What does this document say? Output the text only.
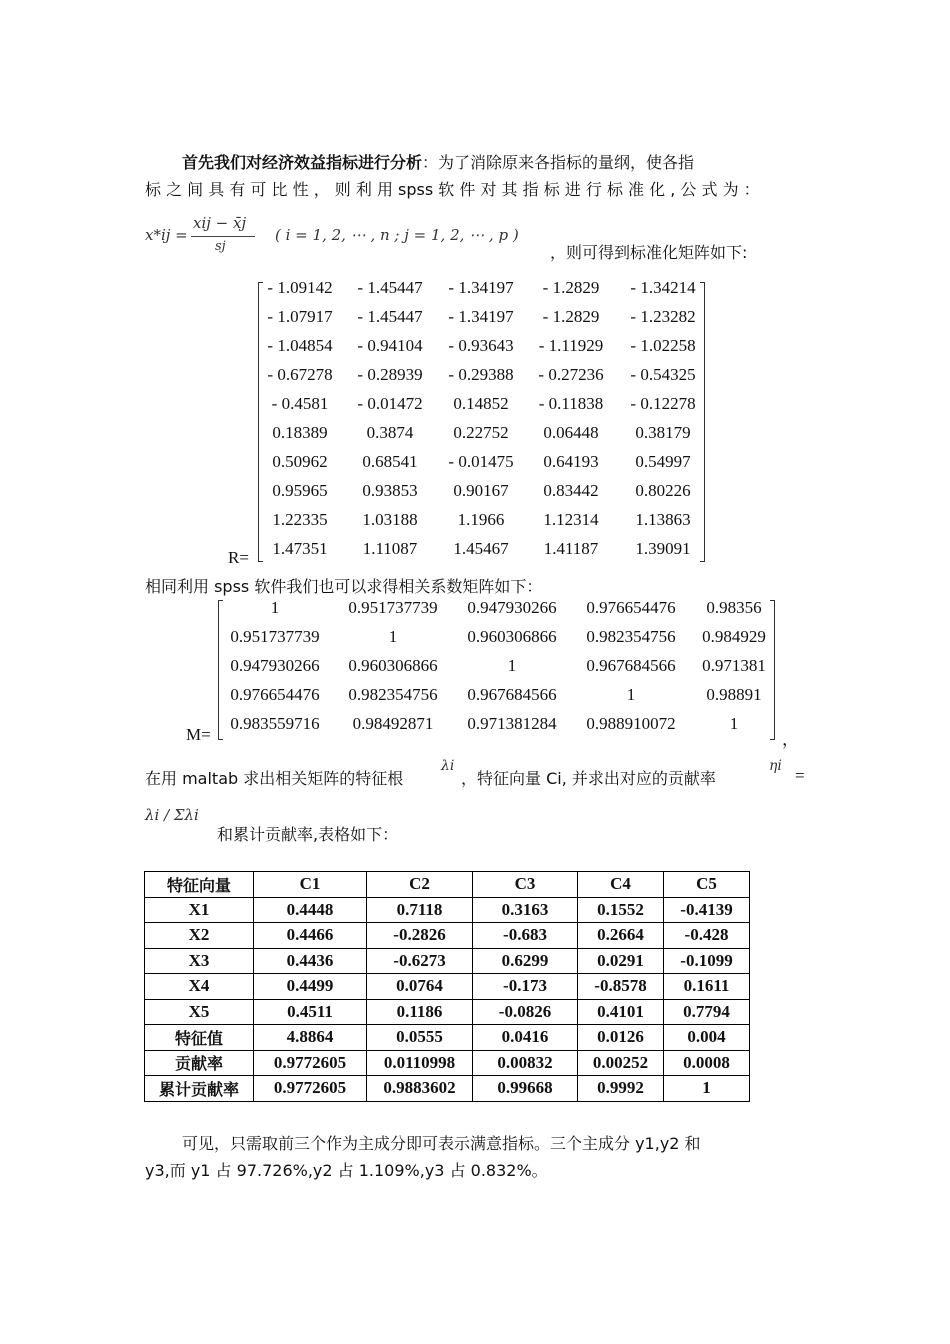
首先我们对经济效益指标进行分析：为了消除原来各指标的量纲，使各指
标 之 间 具 有 可 比 性 ， 则 利 用 spss 软 件 对 其 指 标 进 行 标 准 化 , 公 式 为 ：
x*ij =
xij − x̄j
sj
( i = 1, 2, ⋯ , n ; j = 1, 2, ⋯ , p )
，则可得到标准化矩阵如下:
R=
- 1.09142	- 1.45447	- 1.34197	- 1.2829	- 1.34214
- 1.07917	- 1.45447	- 1.34197	- 1.2829	- 1.23282
- 1.04854	- 0.94104	- 0.93643	- 1.11929	- 1.02258
- 0.67278	- 0.28939	- 0.29388	- 0.27236	- 0.54325
- 0.4581	- 0.01472	0.14852	- 0.11838	- 0.12278
0.18389	0.3874	0.22752	0.06448	0.38179
0.50962	0.68541	- 0.01475	0.64193	0.54997
0.95965	0.93853	0.90167	0.83442	0.80226
1.22335	1.03188	1.1966	1.12314	1.13863
1.47351	1.11087	1.45467	1.41187	1.39091
相同利用 spss 软件我们也可以求得相关系数矩阵如下：
M=	，
1	0.951737739	0.947930266	0.976654476	0.98356
0.951737739	1	0.960306866	0.982354756	0.984929
0.947930266	0.960306866	1	0.967684566	0.971381
0.976654476	0.982354756	0.967684566	1	0.98891
0.983559716	0.98492871	0.971381284	0.988910072	1
在用 maltab 求出相关矩阵的特征根
λi
，特征向量 Ci, 并求出对应的贡献率
ηi =
λi / Σλi
和累计贡献率,表格如下：
特征向量	C1	C2	C3	C4	C5
X1	0.4448	0.7118	0.3163	0.1552	-0.4139
X2	0.4466	-0.2826	-0.683	0.2664	-0.428
X3	0.4436	-0.6273	0.6299	0.0291	-0.1099
X4	0.4499	0.0764	-0.173	-0.8578	0.1611
X5	0.4511	0.1186	-0.0826	0.4101	0.7794
特征值	4.8864	0.0555	0.0416	0.0126	0.004
贡献率	0.9772605	0.0110998	0.00832	0.00252	0.0008
累计贡献率	0.9772605	0.9883602	0.99668	0.9992	1
可见，只需取前三个作为主成分即可表示满意指标。三个主成分 y1,y2 和
y3,而 y1 占 97.726%,y2 占 1.109%,y3 占 0.832%。
